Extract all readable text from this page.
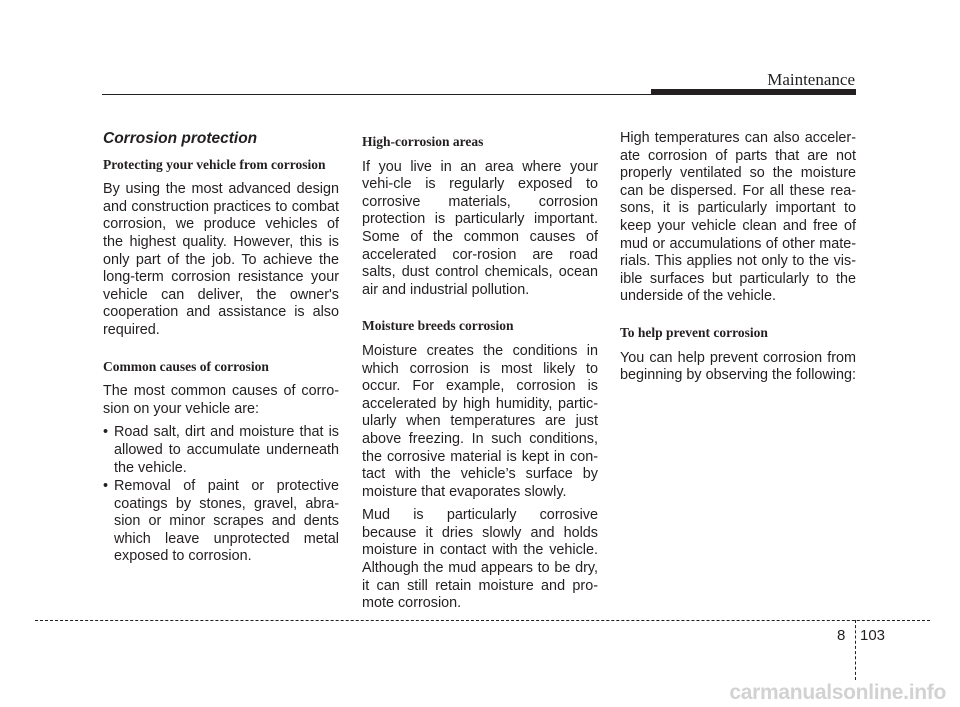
Maintenance
Corrosion protection
Protecting your vehicle from corrosion

By using the most advanced design and construction practices to combat corrosion, we produce vehicles of the highest quality. However, this is only part of the job. To achieve the long-term corrosion resistance your vehicle can deliver, the owner's cooperation and assistance is also required.

Common causes of corrosion

The most common causes of corro-sion on your vehicle are:

• Road salt, dirt and moisture that is allowed to accumulate underneath the vehicle.
• Removal of paint or protective coatings by stones, gravel, abra-sion or minor scrapes and dents which leave unprotected metal exposed to corrosion.
High-corrosion areas

If you live in an area where your vehi-cle is regularly exposed to corrosive materials, corrosion protection is particularly important. Some of the common causes of accelerated cor-rosion are road salts, dust control chemicals, ocean air and industrial pollution.

Moisture breeds corrosion

Moisture creates the conditions in which corrosion is most likely to occur. For example, corrosion is accelerated by high humidity, partic-ularly when temperatures are just above freezing. In such conditions, the corrosive material is kept in con-tact with the vehicle’s surface by moisture that evaporates slowly.

Mud is particularly corrosive because it dries slowly and holds moisture in contact with the vehicle. Although the mud appears to be dry, it can still retain moisture and pro-mote corrosion.

High temperatures can also acceler-ate corrosion of parts that are not properly ventilated so the moisture can be dispersed. For all these rea-sons, it is particularly important to keep your vehicle clean and free of mud or accumulations of other mate-rials. This applies not only to the vis-ible surfaces but particularly to the underside of the vehicle.

To help prevent corrosion

You can help prevent corrosion from beginning by observing the following:

8 103
carmanualsonline.info
